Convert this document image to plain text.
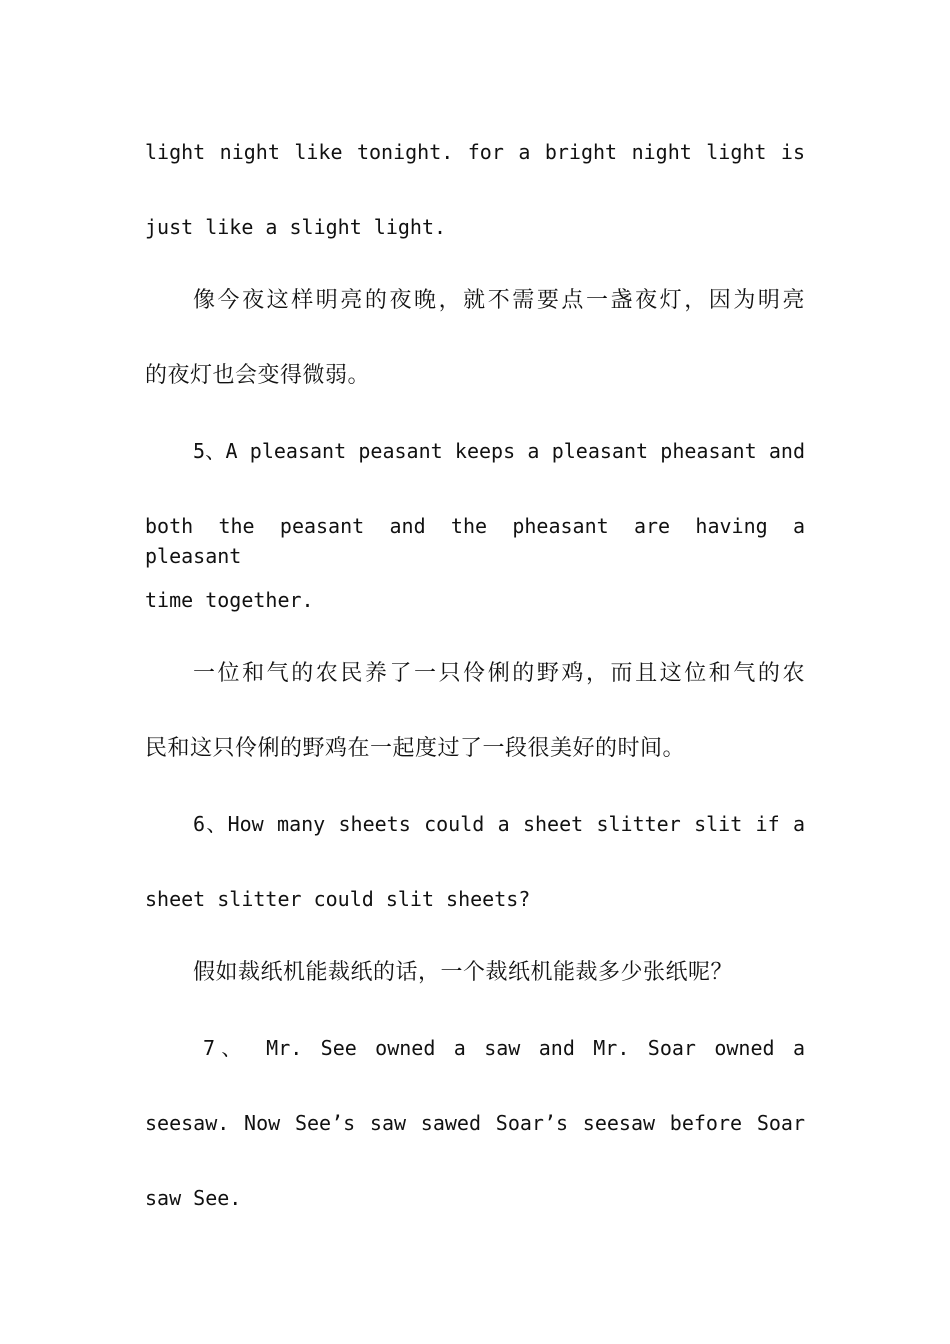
light night like tonight. for a bright night light is
just like a slight light.
像今夜这样明亮的夜晚，就不需要点一盏夜灯，因为明亮
的夜灯也会变得微弱。
5、A pleasant peasant keeps a pleasant pheasant and
both the peasant and the pheasant are having a pleasant
time together.
一位和气的农民养了一只伶俐的野鸡，而且这位和气的农
民和这只伶俐的野鸡在一起度过了一段很美好的时间。
6、How many sheets could a sheet slitter slit if a
sheet slitter could slit sheets?
假如裁纸机能裁纸的话，一个裁纸机能裁多少张纸呢？
7、 Mr. See owned a saw and Mr. Soar owned a
seesaw. Now See’s saw sawed Soar’s seesaw before Soar
saw See.
